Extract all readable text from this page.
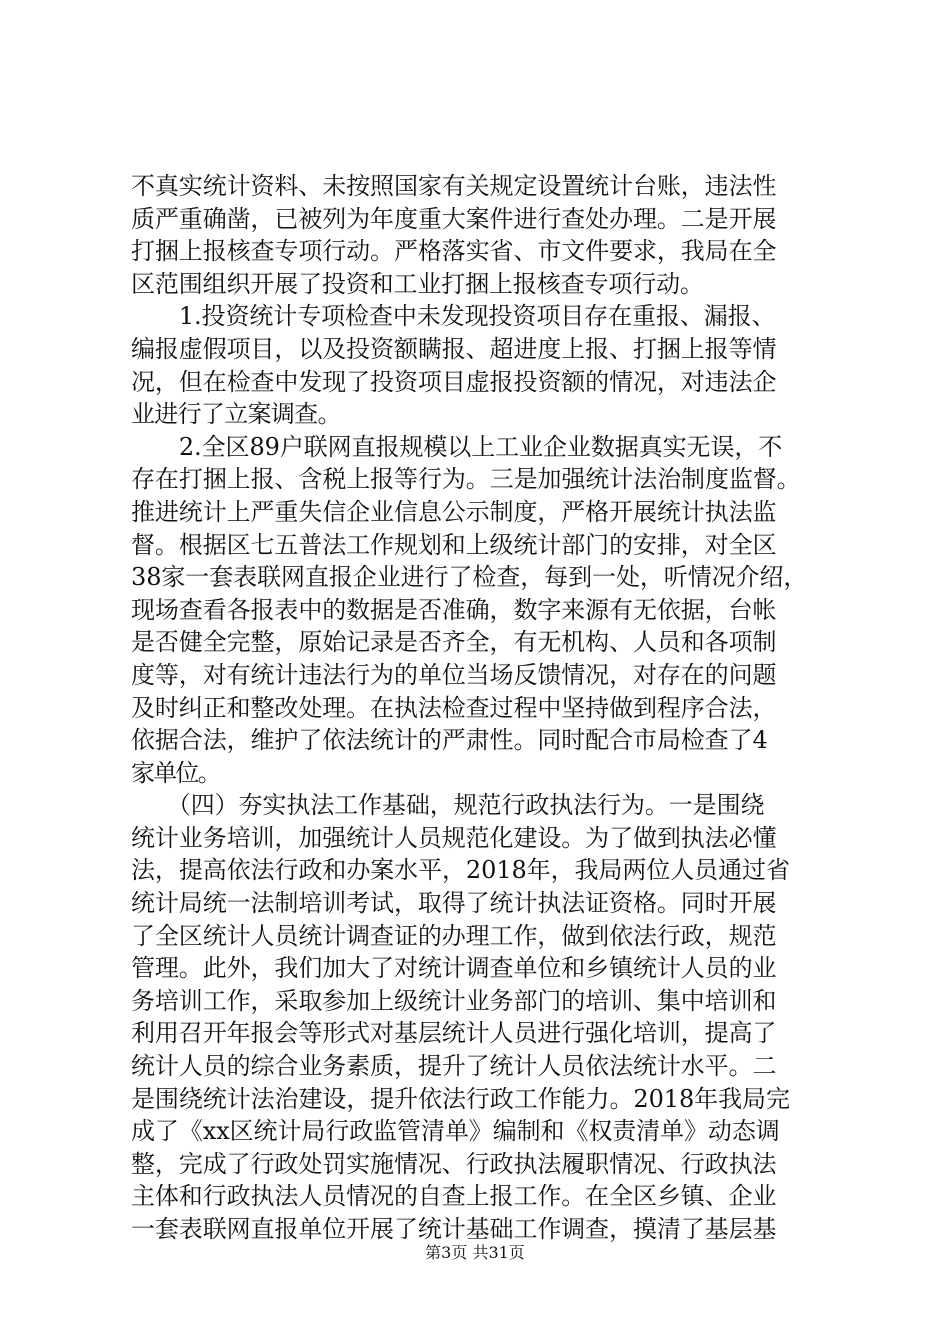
不真实统计资料、未按照国家有关规定设置统计台账，违法性
质严重确凿，已被列为年度重大案件进行查处办理。二是开展
打捆上报核查专项行动。严格落实省、市文件要求，我局在全
区范围组织开展了投资和工业打捆上报核查专项行动。
　　1.投资统计专项检查中未发现投资项目存在重报、漏报、
编报虚假项目，以及投资额瞒报、超进度上报、打捆上报等情
况，但在检查中发现了投资项目虚报投资额的情况，对违法企
业进行了立案调查。
　　2.全区89户联网直报规模以上工业企业数据真实无误，不
存在打捆上报、含税上报等行为。三是加强统计法治制度监督。
推进统计上严重失信企业信息公示制度，严格开展统计执法监
督。根据区七五普法工作规划和上级统计部门的安排，对全区
38家一套表联网直报企业进行了检查，每到一处，听情况介绍，
现场查看各报表中的数据是否准确，数字来源有无依据，台帐
是否健全完整，原始记录是否齐全，有无机构、人员和各项制
度等，对有统计违法行为的单位当场反馈情况，对存在的问题
及时纠正和整改处理。在执法检查过程中坚持做到程序合法，
依据合法，维护了依法统计的严肃性。同时配合市局检查了4
家单位。
　　（四）夯实执法工作基础，规范行政执法行为。一是围绕
统计业务培训，加强统计人员规范化建设。为了做到执法必懂
法，提高依法行政和办案水平，2018年，我局两位人员通过省
统计局统一法制培训考试，取得了统计执法证资格。同时开展
了全区统计人员统计调查证的办理工作，做到依法行政，规范
管理。此外，我们加大了对统计调查单位和乡镇统计人员的业
务培训工作，采取参加上级统计业务部门的培训、集中培训和
利用召开年报会等形式对基层统计人员进行强化培训，提高了
统计人员的综合业务素质，提升了统计人员依法统计水平。二
是围绕统计法治建设，提升依法行政工作能力。2018年我局完
成了《xx区统计局行政监管清单》编制和《权责清单》动态调
整，完成了行政处罚实施情况、行政执法履职情况、行政执法
主体和行政执法人员情况的自查上报工作。在全区乡镇、企业
一套表联网直报单位开展了统计基础工作调查，摸清了基层基
第3页 共31页
